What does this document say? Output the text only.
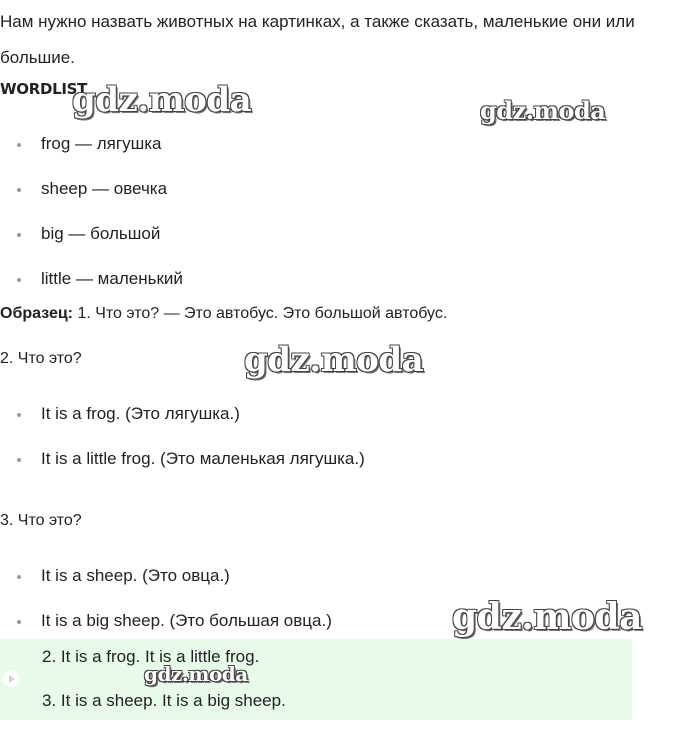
Нам нужно назвать животных на картинках, а также сказать, маленькие они или большие.

WORDLIST

frog — лягушка
sheep — овечка
big — большой
little — маленький

Образец: 1. Что это? — Это автобус. Это большой автобус.

2. Что это?

It is a frog. (Это лягушка.)
It is a little frog. (Это маленькая лягушка.)

3. Что это?

It is a sheep. (Это овца.)
It is a big sheep. (Это большая овца.)
2. It is a frog. It is a little frog.
3. It is a sheep. It is a big sheep.
gdz.moda	gdz.moda
gdz.moda
gdz.moda
gdz.moda
